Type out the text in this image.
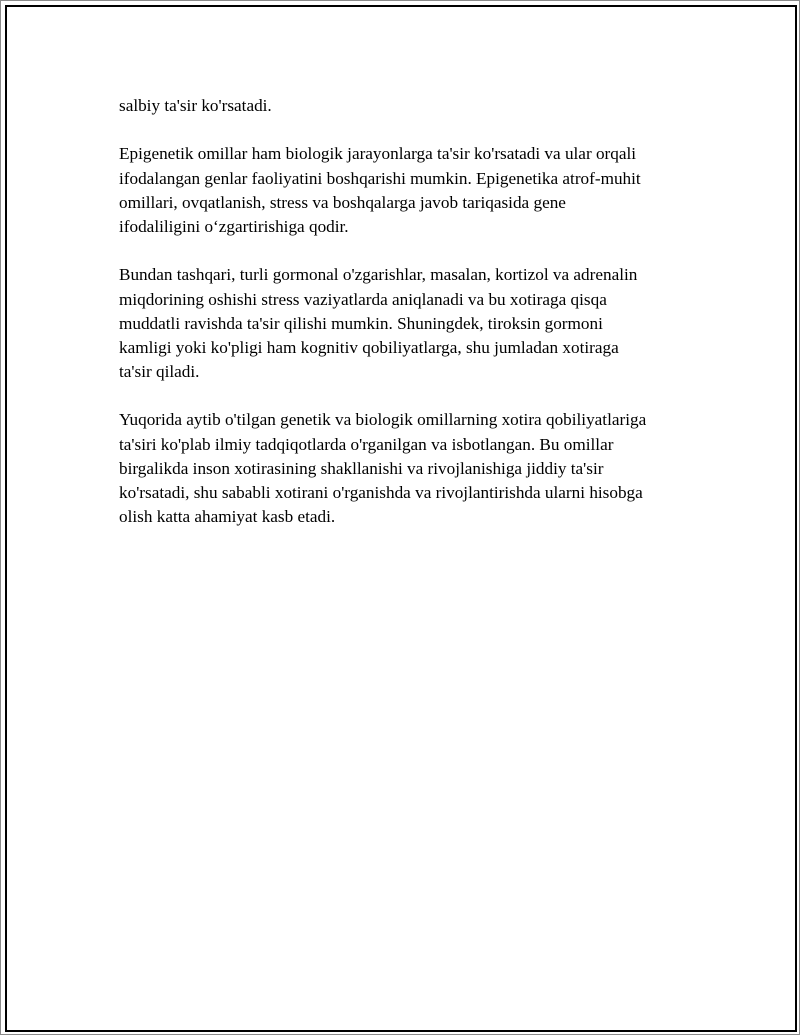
salbiy ta'sir ko'rsatadi.

Epigenetik omillar ham biologik jarayonlarga ta'sir ko'rsatadi va ular orqali
ifodalangan genlar faoliyatini boshqarishi mumkin. Epigenetika atrof-muhit
omillari, ovqatlanish, stress va boshqalarga javob tariqasida gene
ifodaliligini o‘zgartirishiga qodir.

Bundan tashqari, turli gormonal o'zgarishlar, masalan, kortizol va adrenalin
miqdorining oshishi stress vaziyatlarda aniqlanadi va bu xotiraga qisqa
muddatli ravishda ta'sir qilishi mumkin. Shuningdek, tiroksin gormoni
kamligi yoki ko'pligi ham kognitiv qobiliyatlarga, shu jumladan xotiraga
ta'sir qiladi.

Yuqorida aytib o'tilgan genetik va biologik omillarning xotira qobiliyatlariga
ta'siri ko'plab ilmiy tadqiqotlarda o'rganilgan va isbotlangan. Bu omillar
birgalikda inson xotirasining shakllanishi va rivojlanishiga jiddiy ta'sir
ko'rsatadi, shu sababli xotirani o'rganishda va rivojlantirishda ularni hisobga
olish katta ahamiyat kasb etadi.
